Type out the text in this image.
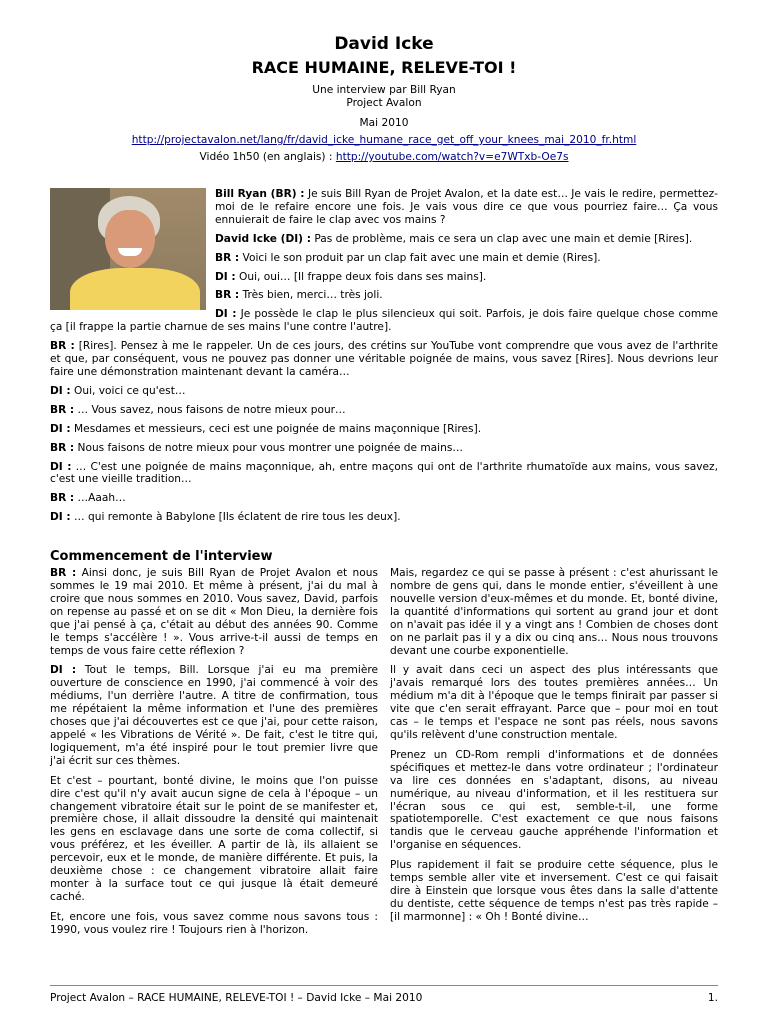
David Icke
RACE HUMAINE, RELEVE-TOI !

Une interview par Bill Ryan

Project Avalon

Mai 2010

http://projectavalon.net/lang/fr/david_icke_humane_race_get_off_your_knees_mai_2010_fr.html

Vidéo 1h50 (en anglais) : http://youtube.com/watch?v=e7WTxb-Oe7s

Bill Ryan (BR) : Je suis Bill Ryan de Projet Avalon, et la date est… Je vais le redire, permettez-moi de le refaire encore une fois. Je vais vous dire ce que vous pourriez faire… Ça vous ennuierait de faire le clap avec vos mains ?

David Icke (DI) : Pas de problème, mais ce sera un clap avec une main et demie [Rires].

BR : Voici le son produit par un clap fait avec une main et demie (Rires].

DI : Oui, oui… [Il frappe deux fois dans ses mains].

BR : Très bien, merci… très joli.

DI : Je possède le clap le plus silencieux qui soit. Parfois, je dois faire quelque chose comme ça [il frappe la partie charnue de ses mains l'une contre l'autre].

BR : [Rires]. Pensez à me le rappeler. Un de ces jours, des crétins sur YouTube vont comprendre que vous avez de l'arthrite et que, par conséquent, vous ne pouvez pas donner une véritable poignée de mains, vous savez [Rires]. Nous devrions leur faire une démonstration maintenant devant la caméra…

DI : Oui, voici ce qu'est…

BR : … Vous savez, nous faisons de notre mieux pour…

DI : Mesdames et messieurs, ceci est une poignée de mains maçonnique [Rires].

BR : Nous faisons de notre mieux pour vous montrer une poignée de mains…

DI : … C'est une poignée de mains maçonnique, ah, entre maçons qui ont de l'arthrite rhumatoïde aux mains, vous savez, c'est une vieille tradition…

BR : …Aaah…

DI : … qui remonte à Babylone [Ils éclatent de rire tous les deux].

Commencement de l'interview

BR : Ainsi donc, je suis Bill Ryan de Projet Avalon et nous sommes le 19 mai 2010. Et même à présent, j'ai du mal à croire que nous sommes en 2010. Vous savez, David, parfois on repense au passé et on se dit « Mon Dieu, la dernière fois que j'ai pensé à ça, c'était au début des années 90. Comme le temps s'accélère ! ». Vous arrive-t-il aussi de temps en temps de vous faire cette réflexion ?

DI : Tout le temps, Bill. Lorsque j'ai eu ma première ouverture de conscience en 1990, j'ai commencé à voir des médiums, l'un derrière l'autre. A titre de confirmation, tous me répétaient la même information et l'une des premières choses que j'ai découvertes est ce que j'ai, pour cette raison, appelé « les Vibrations de Vérité ». De fait, c'est le titre qui, logiquement, m'a été inspiré pour le tout premier livre que j'ai écrit sur ces thèmes.

Et c'est – pourtant, bonté divine, le moins que l'on puisse dire c'est qu'il n'y avait aucun signe de cela à l'époque – un changement vibratoire était sur le point de se manifester et, première chose, il allait dissoudre la densité qui maintenait les gens en esclavage dans une sorte de coma collectif, si vous préférez, et les éveiller. A partir de là, ils allaient se percevoir, eux et le monde, de manière différente. Et puis, la deuxième chose : ce changement vibratoire allait faire monter à la surface tout ce qui jusque là était demeuré caché.

Et, encore une fois, vous savez comme nous savons tous : 1990, vous voulez rire ! Toujours rien à l'horizon.

Mais, regardez ce qui se passe à présent : c'est ahurissant le nombre de gens qui, dans le monde entier, s'éveillent à une nouvelle version d'eux-mêmes et du monde. Et, bonté divine, la quantité d'informations qui sortent au grand jour et dont on n'avait pas idée il y a vingt ans ! Combien de choses dont on ne parlait pas il y a dix ou cinq ans… Nous nous trouvons devant une courbe exponentielle.

Il y avait dans ceci un aspect des plus intéressants que j'avais remarqué lors des toutes premières années… Un médium m'a dit à l'époque que le temps finirait par passer si vite que c'en serait effrayant. Parce que – pour moi en tout cas – le temps et l'espace ne sont pas réels, nous savons qu'ils relèvent d'une construction mentale.

Prenez un CD-Rom rempli d'informations et de données spécifiques et mettez-le dans votre ordinateur ; l'ordinateur va lire ces données en s'adaptant, disons, au niveau numérique, au niveau d'information, et il les restituera sur l'écran sous ce qui est, semble-t-il, une forme spatiotemporelle. C'est exactement ce que nous faisons tandis que le cerveau gauche appréhende l'information et l'organise en séquences.

Plus rapidement il fait se produire cette séquence, plus le temps semble aller vite et inversement. C'est ce qui faisait dire à Einstein que lorsque vous êtes dans la salle d'attente du dentiste, cette séquence de temps n'est pas très rapide – [il marmonne] : « Oh ! Bonté divine…

Project Avalon – RACE HUMAINE, RELEVE-TOI ! – David Icke – Mai 2010	1.
